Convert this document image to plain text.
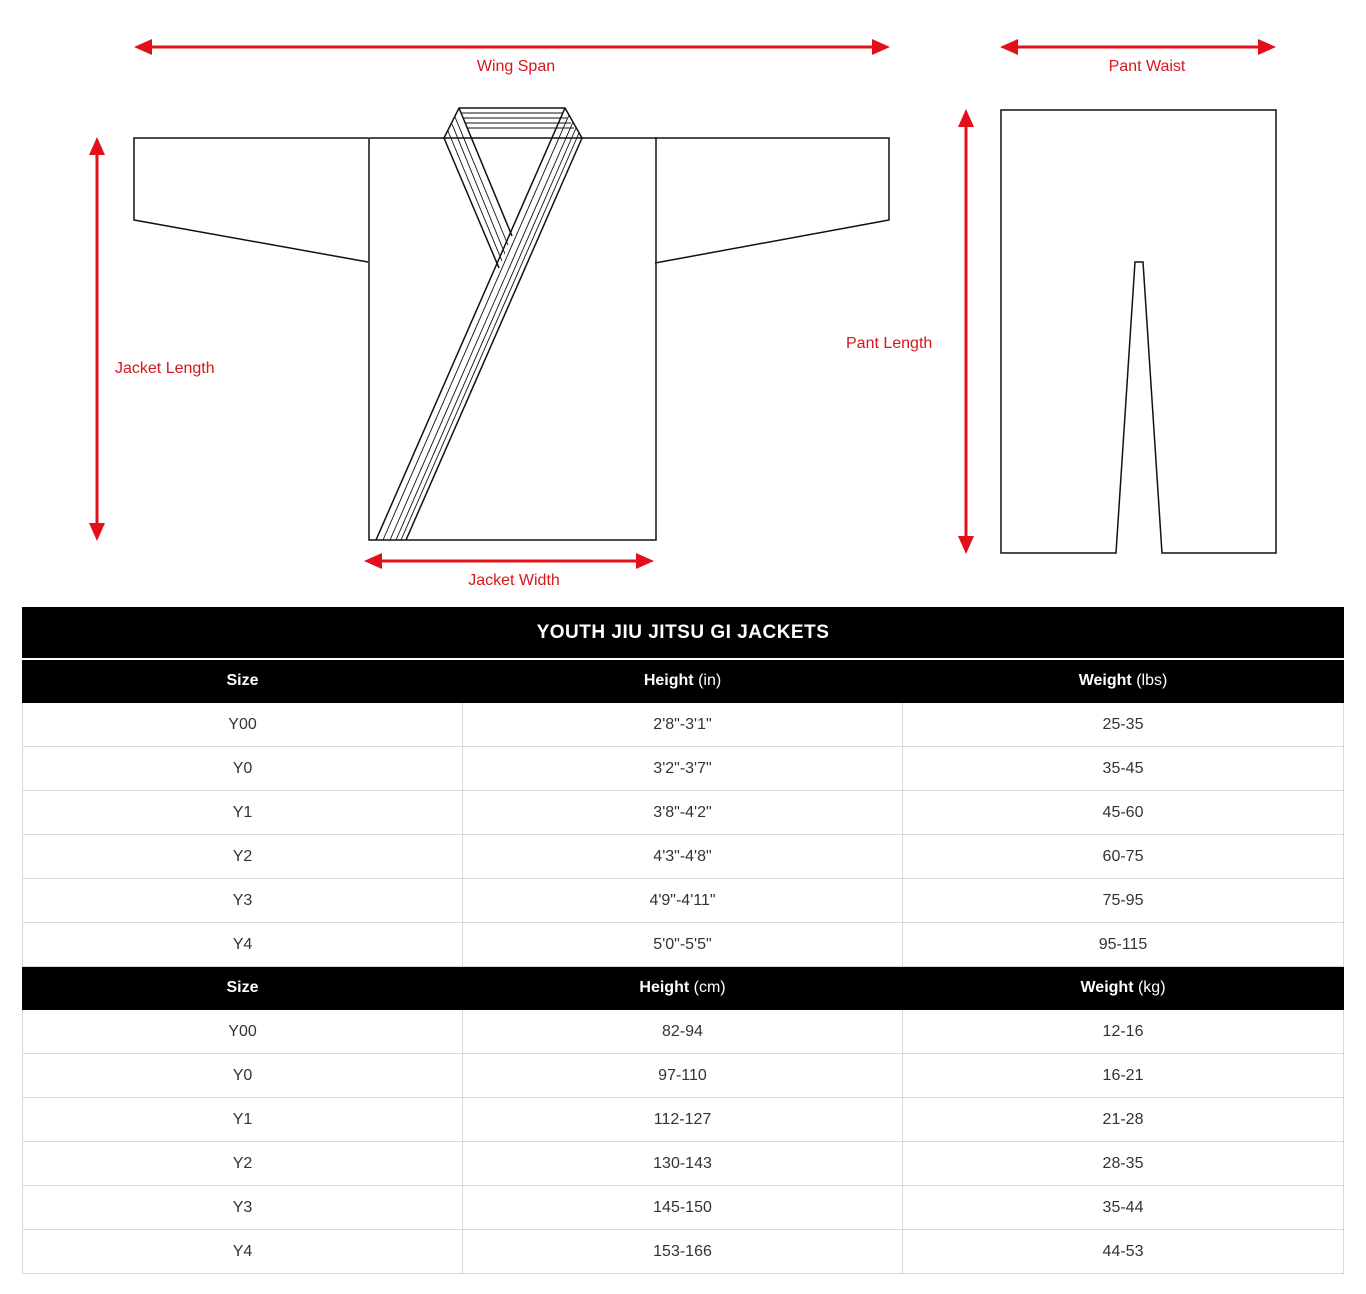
Wing Span	Pant Waist
Jacket Length
Pant Length
Jacket Width
YOUTH JIU JITSU GI JACKETS		
Size	Height (in)	Weight (lbs)
Y00	2'8"-3'1"	25-35
Y0	3'2"-3'7"	35-45
Y1	3'8"-4'2"	45-60
Y2	4'3"-4'8"	60-75
Y3	4'9"-4'11"	75-95
Y4	5'0"-5'5"	95-115
Size	Height (cm)	Weight (kg)
Y00	82-94	12-16
Y0	97-110	16-21
Y1	112-127	21-28
Y2	130-143	28-35
Y3	145-150	35-44
Y4	153-166	44-53
